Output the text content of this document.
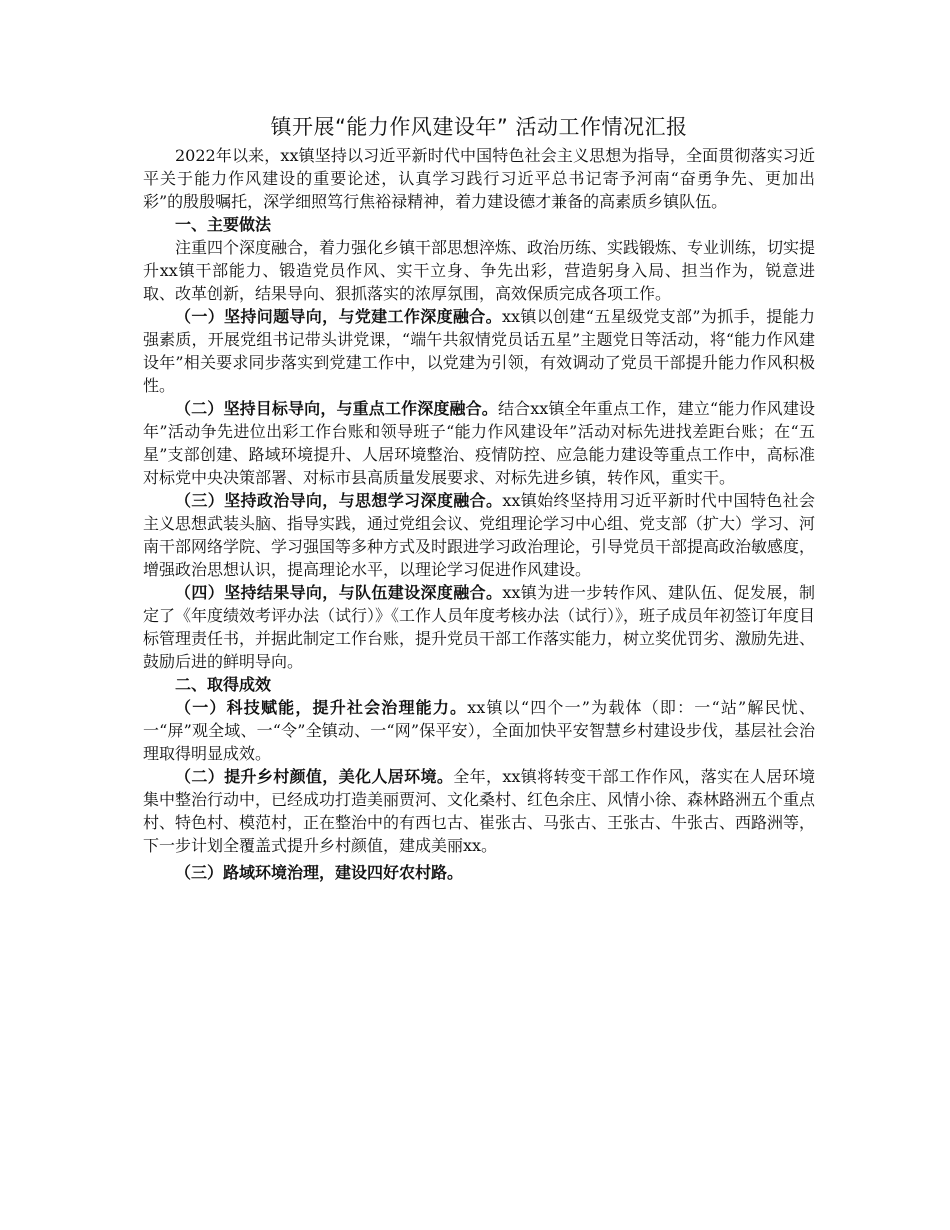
镇开展“能力作风建设年” 活动工作情况汇报

2022年以来，xx镇坚持以习近平新时代中国特色社会主义思想为指导，全面贯彻落实习近平关于能力作风建设的重要论述，认真学习践行习近平总书记寄予河南“奋勇争先、更加出彩”的殷殷嘱托，深学细照笃行焦裕禄精神，着力建设德才兼备的高素质乡镇队伍。

一、主要做法

注重四个深度融合，着力强化乡镇干部思想淬炼、政治历练、实践锻炼、专业训练，切实提升xx镇干部能力、锻造党员作风、实干立身、争先出彩，营造躬身入局、担当作为，锐意进取、改革创新，结果导向、狠抓落实的浓厚氛围，高效保质完成各项工作。

（一）坚持问题导向，与党建工作深度融合。xx镇以创建“五星级党支部”为抓手，提能力强素质，开展党组书记带头讲党课，“端午共叙情党员话五星”主题党日等活动，将“能力作风建设年”相关要求同步落实到党建工作中，以党建为引领，有效调动了党员干部提升能力作风积极性。

（二）坚持目标导向，与重点工作深度融合。结合xx镇全年重点工作，建立“能力作风建设年”活动争先进位出彩工作台账和领导班子“能力作风建设年”活动对标先进找差距台账；在“五星”支部创建、路域环境提升、人居环境整治、疫情防控、应急能力建设等重点工作中，高标准对标党中央决策部署、对标市县高质量发展要求、对标先进乡镇，转作风，重实干。

（三）坚持政治导向，与思想学习深度融合。xx镇始终坚持用习近平新时代中国特色社会主义思想武装头脑、指导实践，通过党组会议、党组理论学习中心组、党支部（扩大）学习、河南干部网络学院、学习强国等多种方式及时跟进学习政治理论，引导党员干部提高政治敏感度，增强政治思想认识，提高理论水平，以理论学习促进作风建设。

（四）坚持结果导向，与队伍建设深度融合。xx镇为进一步转作风、建队伍、促发展，制定了《年度绩效考评办法（试行）》《工作人员年度考核办法（试行）》，班子成员年初签订年度目标管理责任书，并据此制定工作台账，提升党员干部工作落实能力，树立奖优罚劣、激励先进、鼓励后进的鲜明导向。

二、取得成效

（一）科技赋能，提升社会治理能力。xx镇以“四个一”为载体（即：一“站”解民忧、一“屏”观全域、一“令”全镇动、一“网”保平安），全面加快平安智慧乡村建设步伐，基层社会治理取得明显成效。

（二）提升乡村颜值，美化人居环境。全年，xx镇将转变干部工作作风，落实在人居环境集中整治行动中，已经成功打造美丽贾河、文化桑村、红色余庄、风情小徐、森林路洲五个重点村、特色村、模范村，正在整治中的有西乜古、崔张古、马张古、王张古、牛张古、西路洲等，下一步计划全覆盖式提升乡村颜值，建成美丽xx。

（三）路域环境治理，建设四好农村路。
